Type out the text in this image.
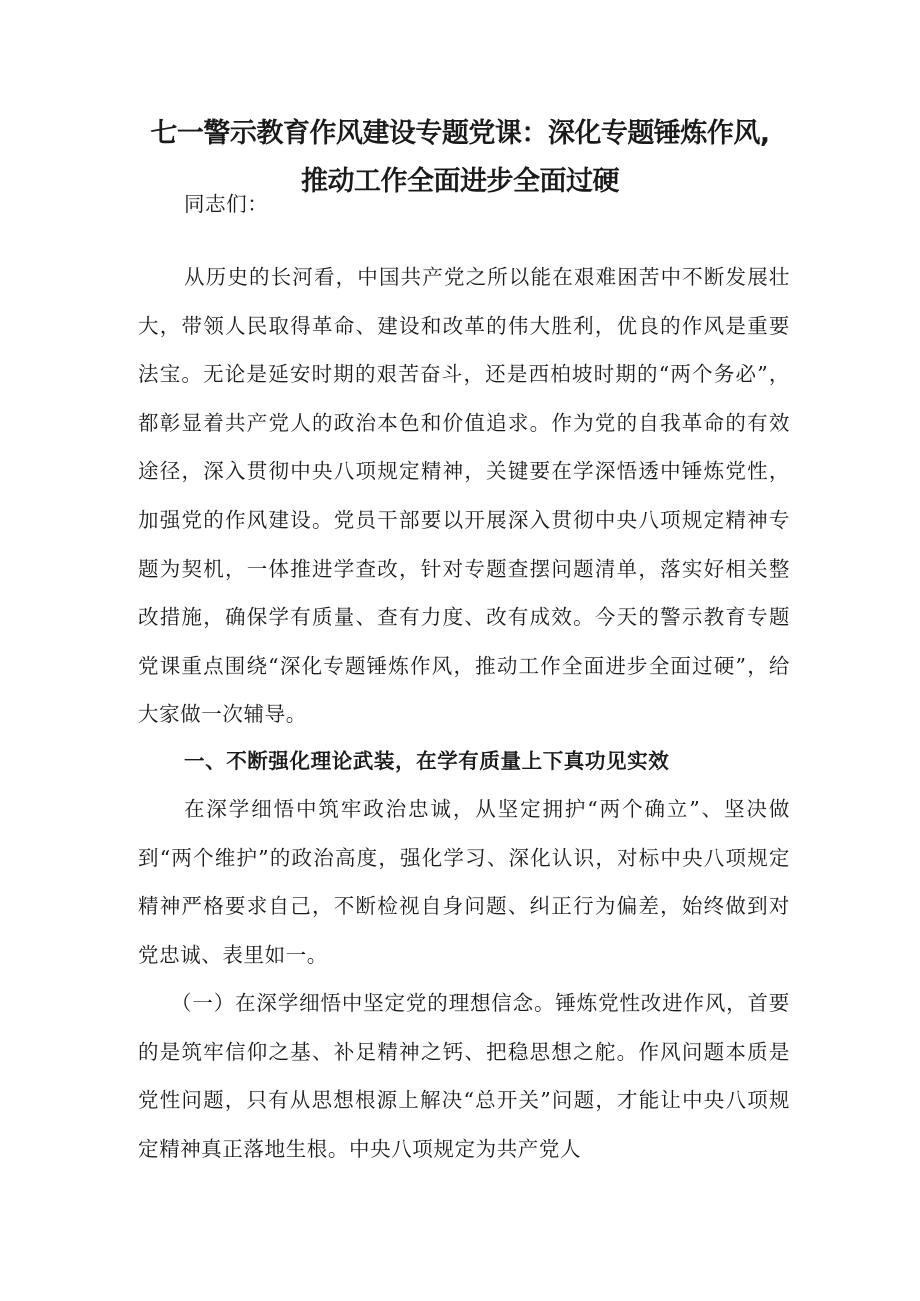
七一警示教育作风建设专题党课：深化专题锤炼作风,
推动工作全面进步全面过硬

同志们：

从历史的长河看，中国共产党之所以能在艰难困苦中不断发展壮大，带领人民取得革命、建设和改革的伟大胜利，优良的作风是重要法宝。无论是延安时期的艰苦奋斗，还是西柏坡时期的“两个务必”，都彰显着共产党人的政治本色和价值追求。作为党的自我革命的有效途径，深入贯彻中央八项规定精神，关键要在学深悟透中锤炼党性，加强党的作风建设。党员干部要以开展深入贯彻中央八项规定精神专题为契机，一体推进学查改，针对专题查摆问题清单，落实好相关整改措施，确保学有质量、查有力度、改有成效。今天的警示教育专题党课重点围绕“深化专题锤炼作风，推动工作全面进步全面过硬”，给大家做一次辅导。

一、不断强化理论武装，在学有质量上下真功见实效

在深学细悟中筑牢政治忠诚，从坚定拥护“两个确立”、坚决做到“两个维护”的政治高度，强化学习、深化认识，对标中央八项规定精神严格要求自己，不断检视自身问题、纠正行为偏差，始终做到对党忠诚、表里如一。

（一）在深学细悟中坚定党的理想信念。锤炼党性改进作风，首要的是筑牢信仰之基、补足精神之钙、把稳思想之舵。作风问题本质是党性问题，只有从思想根源上解决“总开关”问题，才能让中央八项规定精神真正落地生根。中央八项规定为共产党人
